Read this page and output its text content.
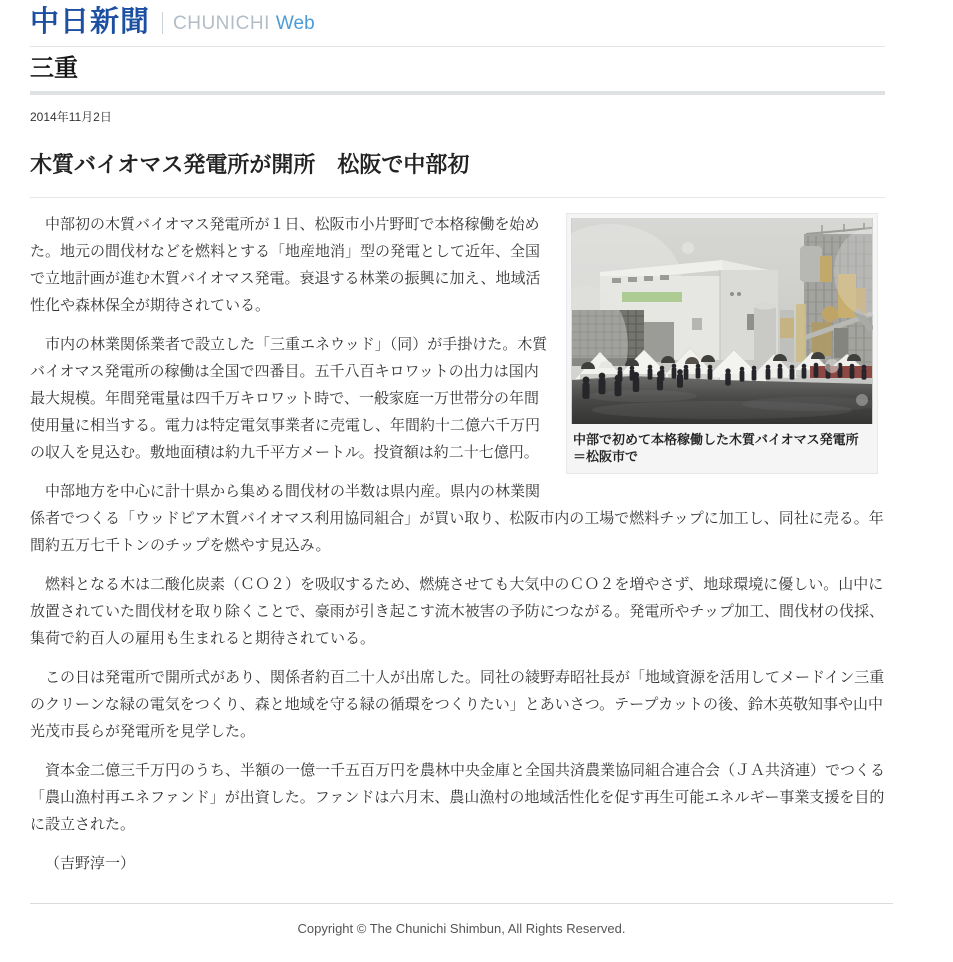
中日新聞 CHUNICHI Web
三重
2014年11月2日
木質バイオマス発電所が開所　松阪で中部初
中部で初めて本格稼働した木質バイオマス発電所＝松阪市で

中部初の木質バイオマス発電所が１日、松阪市小片野町で本格稼働を始めた。地元の間伐材などを燃料とする「地産地消」型の発電として近年、全国で立地計画が進む木質バイオマス発電。衰退する林業の振興に加え、地域活性化や森林保全が期待されている。

市内の林業関係業者で設立した「三重エネウッド」（同）が手掛けた。木質バイオマス発電所の稼働は全国で四番目。五千八百キロワットの出力は国内最大規模。年間発電量は四千万キロワット時で、一般家庭一万世帯分の年間使用量に相当する。電力は特定電気事業者に売電し、年間約十二億六千万円の収入を見込む。敷地面積は約九千平方メートル。投資額は約二十七億円。

中部地方を中心に計十県から集める間伐材の半数は県内産。県内の林業関係者でつくる「ウッドピア木質バイオマス利用協同組合」が買い取り、松阪市内の工場で燃料チップに加工し、同社に売る。年間約五万七千トンのチップを燃やす見込み。

燃料となる木は二酸化炭素（ＣＯ２）を吸収するため、燃焼させても大気中のＣＯ２を増やさず、地球環境に優しい。山中に放置されていた間伐材を取り除くことで、豪雨が引き起こす流木被害の予防につながる。発電所やチップ加工、間伐材の伐採、集荷で約百人の雇用も生まれると期待されている。

この日は発電所で開所式があり、関係者約百二十人が出席した。同社の綾野寿昭社長が「地域資源を活用してメードイン三重のクリーンな緑の電気をつくり、森と地域を守る緑の循環をつくりたい」とあいさつ。テープカットの後、鈴木英敬知事や山中光茂市長らが発電所を見学した。

資本金二億三千万円のうち、半額の一億一千五百万円を農林中央金庫と全国共済農業協同組合連合会（ＪＡ共済連）でつくる「農山漁村再エネファンド」が出資した。ファンドは六月末、農山漁村の地域活性化を促す再生可能エネルギー事業支援を目的に設立された。

（吉野淳一）

Copyright © The Chunichi Shimbun, All Rights Reserved.
